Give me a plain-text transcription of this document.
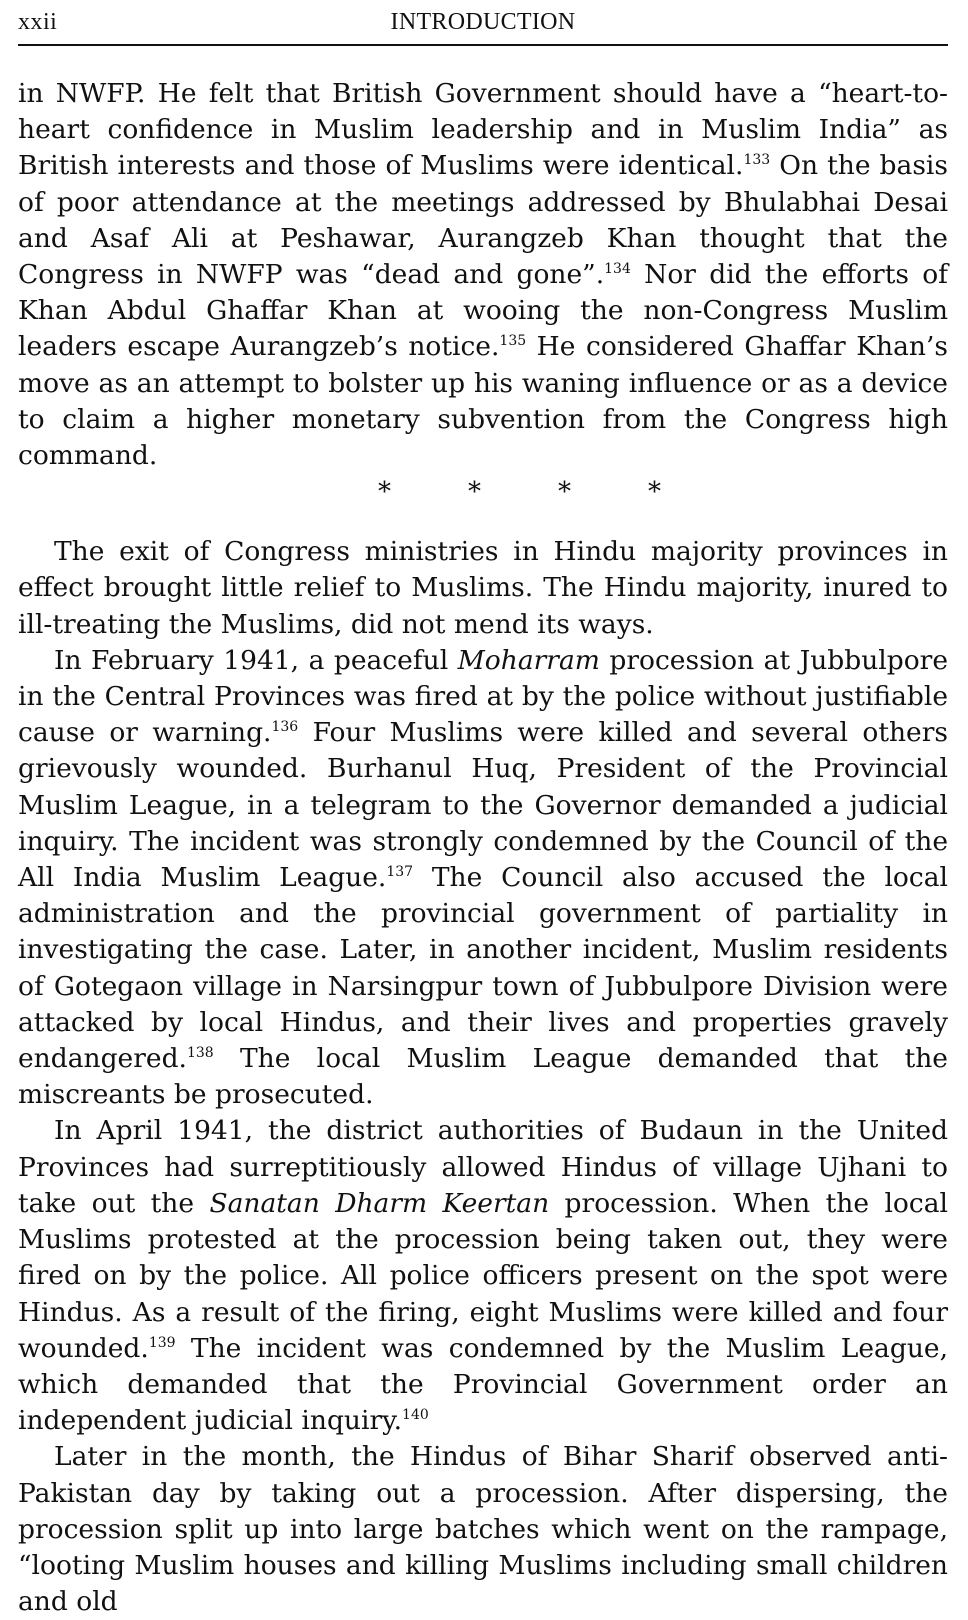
xxii	INTRODUCTION

in NWFP. He felt that British Government should have a “heart-to-heart confidence in Muslim leadership and in Muslim India” as British interests and those of Muslims were identical.$^{133}$ On the basis of poor attendance at the meetings addressed by Bhulabhai Desai and Asaf Ali at Peshawar, Aurangzeb Khan thought that the Congress in NWFP was “dead and gone”.$^{134}$ Nor did the efforts of Khan Abdul Ghaffar Khan at wooing the non-Congress Muslim leaders escape Aurangzeb’s notice.$^{135}$ He considered Ghaffar Khan’s move as an attempt to bolster up his waning influence or as a device to claim a higher monetary subvention from the Congress high command.

*	*	*	*

The exit of Congress ministries in Hindu majority provinces in effect brought little relief to Muslims. The Hindu majority, inured to ill-treating the Muslims, did not mend its ways.

In February 1941, a peaceful Moharram procession at Jubbulpore in the Central Provinces was fired at by the police without justifiable cause or warning.$^{136}$ Four Muslims were killed and several others grievously wounded. Burhanul Huq, President of the Provincial Muslim League, in a telegram to the Governor demanded a judicial inquiry. The incident was strongly condemned by the Council of the All India Muslim League.$^{137}$ The Council also accused the local administration and the provincial government of partiality in investigating the case. Later, in another incident, Muslim residents of Gotegaon village in Narsingpur town of Jubbulpore Division were attacked by local Hindus, and their lives and properties gravely endangered.$^{138}$ The local Muslim League demanded that the miscreants be prosecuted.

In April 1941, the district authorities of Budaun in the United Provinces had surreptitiously allowed Hindus of village Ujhani to take out the Sanatan Dharm Keertan procession. When the local Muslims protested at the procession being taken out, they were fired on by the police. All police officers present on the spot were Hindus. As a result of the firing, eight Muslims were killed and four wounded.$^{139}$ The incident was condemned by the Muslim League, which demanded that the Provincial Government order an independent judicial inquiry.$^{140}$

Later in the month, the Hindus of Bihar Sharif observed anti-Pakistan day by taking out a procession. After dispersing, the procession split up into large batches which went on the rampage, “looting Muslim houses and killing Muslims including small children and old
